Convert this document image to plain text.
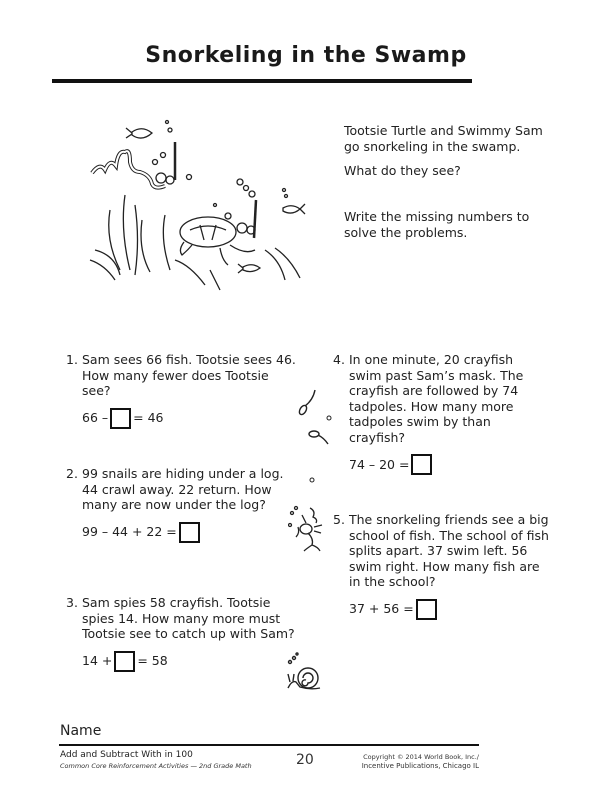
Snorkeling in the Swamp

Tootsie Turtle and Swimmy Sam go snorkeling in the swamp.

What do they see?

Write the missing numbers to solve the problems.

1. Sam sees 66 fish. Tootsie sees 46. How many fewer does Tootsie see?
66 – = 46
2. 99 snails are hiding under a log. 44 crawl away. 22 return. How many are now under the log?
99 – 44 + 22 =
3. Sam spies 58 crayfish. Tootsie spies 14. How many more must Tootsie see to catch up with Sam?
14 + = 58
4. In one minute, 20 crayfish swim past Sam’s mask. The crayfish are followed by 74 tadpoles. How many more tadpoles swim by than crayfish?
74 – 20 =
5. The snorkeling friends see a big school of fish. The school of fish splits apart. 37 swim left. 56 swim right. How many fish are in the school?
37 + 56 =
Name
Add and Subtract With in 100
Common Core Reinforcement Activities — 2nd Grade Math	20	Copyright © 2014 World Book, Inc./
Incentive Publications, Chicago IL
